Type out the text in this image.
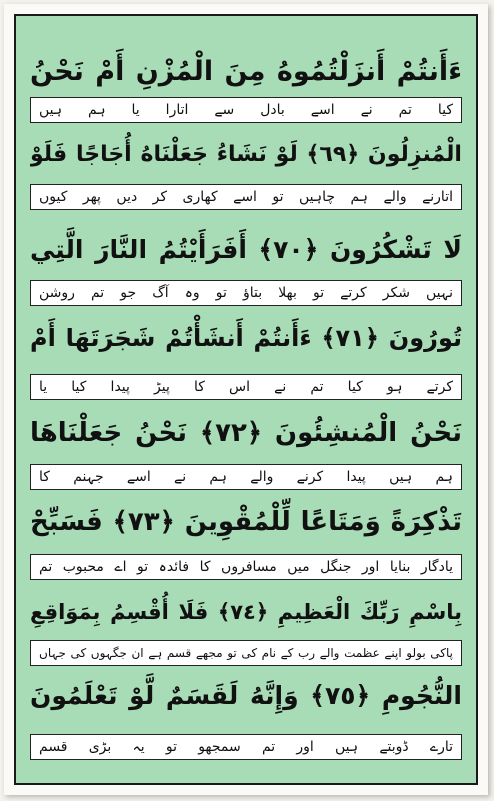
ءَأَنتُمْ أَنزَلْتُمُوهُ مِنَ الْمُزْنِ أَمْ نَحْنُ
کیا تم نے اسے بادل سے اتارا یا ہم ہیں
الْمُنزِلُونَ ﴿٦٩﴾ لَوْ نَشَاءُ جَعَلْنَاهُ أُجَاجًا فَلَوْ
اتارنے والے ہم چاہیں تو اسے کھاری کر دیں پھر کیوں
لَا تَشْكُرُونَ ﴿٧٠﴾ أَفَرَأَيْتُمُ النَّارَ الَّتِي
نہیں شکر کرتے تو بھلا بتاؤ تو وہ آگ جو تم روشن
تُورُونَ ﴿٧١﴾ ءَأَنتُمْ أَنشَأْتُمْ شَجَرَتَهَا أَمْ
کرتے ہو کیا تم نے اس کا پیڑ پیدا کیا یا
نَحْنُ الْمُنشِئُونَ ﴿٧٢﴾ نَحْنُ جَعَلْنَاهَا
ہم ہیں پیدا کرنے والے ہم نے اسے جہنم کا
تَذْكِرَةً وَمَتَاعًا لِّلْمُقْوِينَ ﴿٧٣﴾ فَسَبِّحْ
یادگار بنایا اور جنگل میں مسافروں کا فائدہ تو اے محبوب تم
بِاسْمِ رَبِّكَ الْعَظِيمِ ﴿٧٤﴾ فَلَا أُقْسِمُ بِمَوَاقِعِ
پاکی بولو اپنے عظمت والے رب کے نام کی تو مجھے قسم ہے ان جگہوں کی جہاں
النُّجُومِ ﴿٧٥﴾ وَإِنَّهُ لَقَسَمٌ لَّوْ تَعْلَمُونَ
تارے ڈوبتے ہیں اور تم سمجھو تو یہ بڑی قسم
